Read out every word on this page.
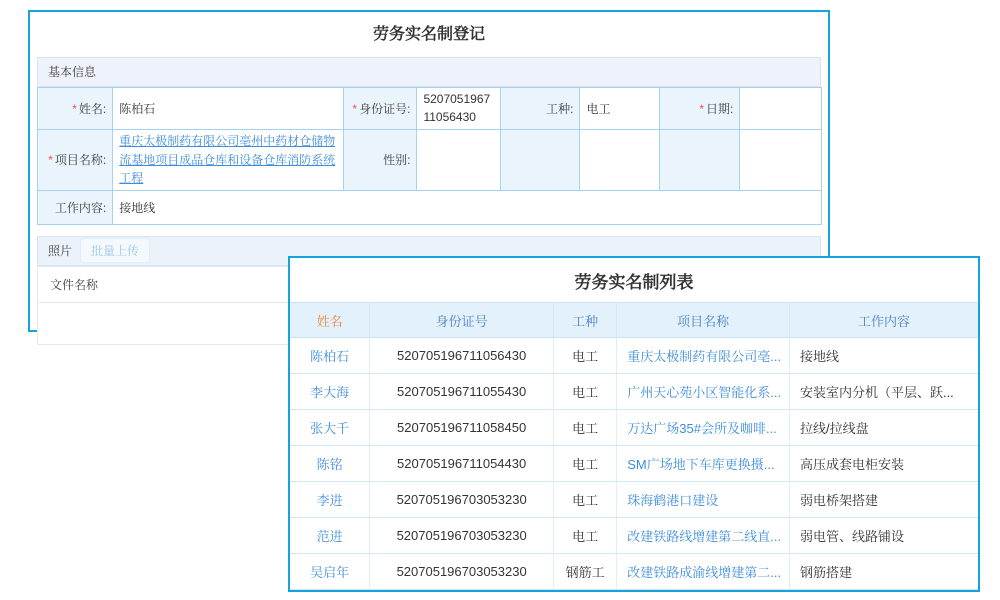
劳务实名制登记
基本信息
* 姓名:	陈柏石	* 身份证号:	520705196711056430	工种:	电工	* 日期:	
* 项目名称:	重庆太极制药有限公司亳州中药材仓储物流基地项目成品仓库和设备仓库消防系统工程	性别:					
工作内容:	接地线						
照片	批量上传
文件名称									劳务实名制列表
姓名	身份证号	工种	项目名称	工作内容
陈柏石	520705196711056430	电工	重庆太极制药有限公司亳...	接地线
李大海	520705196711055430	电工	广州天心苑小区智能化系...	安装室内分机（平层、跃...
张大千	520705196711058450	电工	万达广场35#会所及咖啡...	拉线/拉线盘
陈铭	520705196711054430	电工	SM广场地下车库更换摄...	高压成套电柜安装
李进	520705196703053230	电工	珠海鹤港口建设	弱电桥架搭建
范进	520705196703053230	电工	改建铁路线增建第二线直...	弱电管、线路铺设
吴启年	520705196703053230	钢筋工	改建铁路成渝线增建第二...	钢筋搭建
